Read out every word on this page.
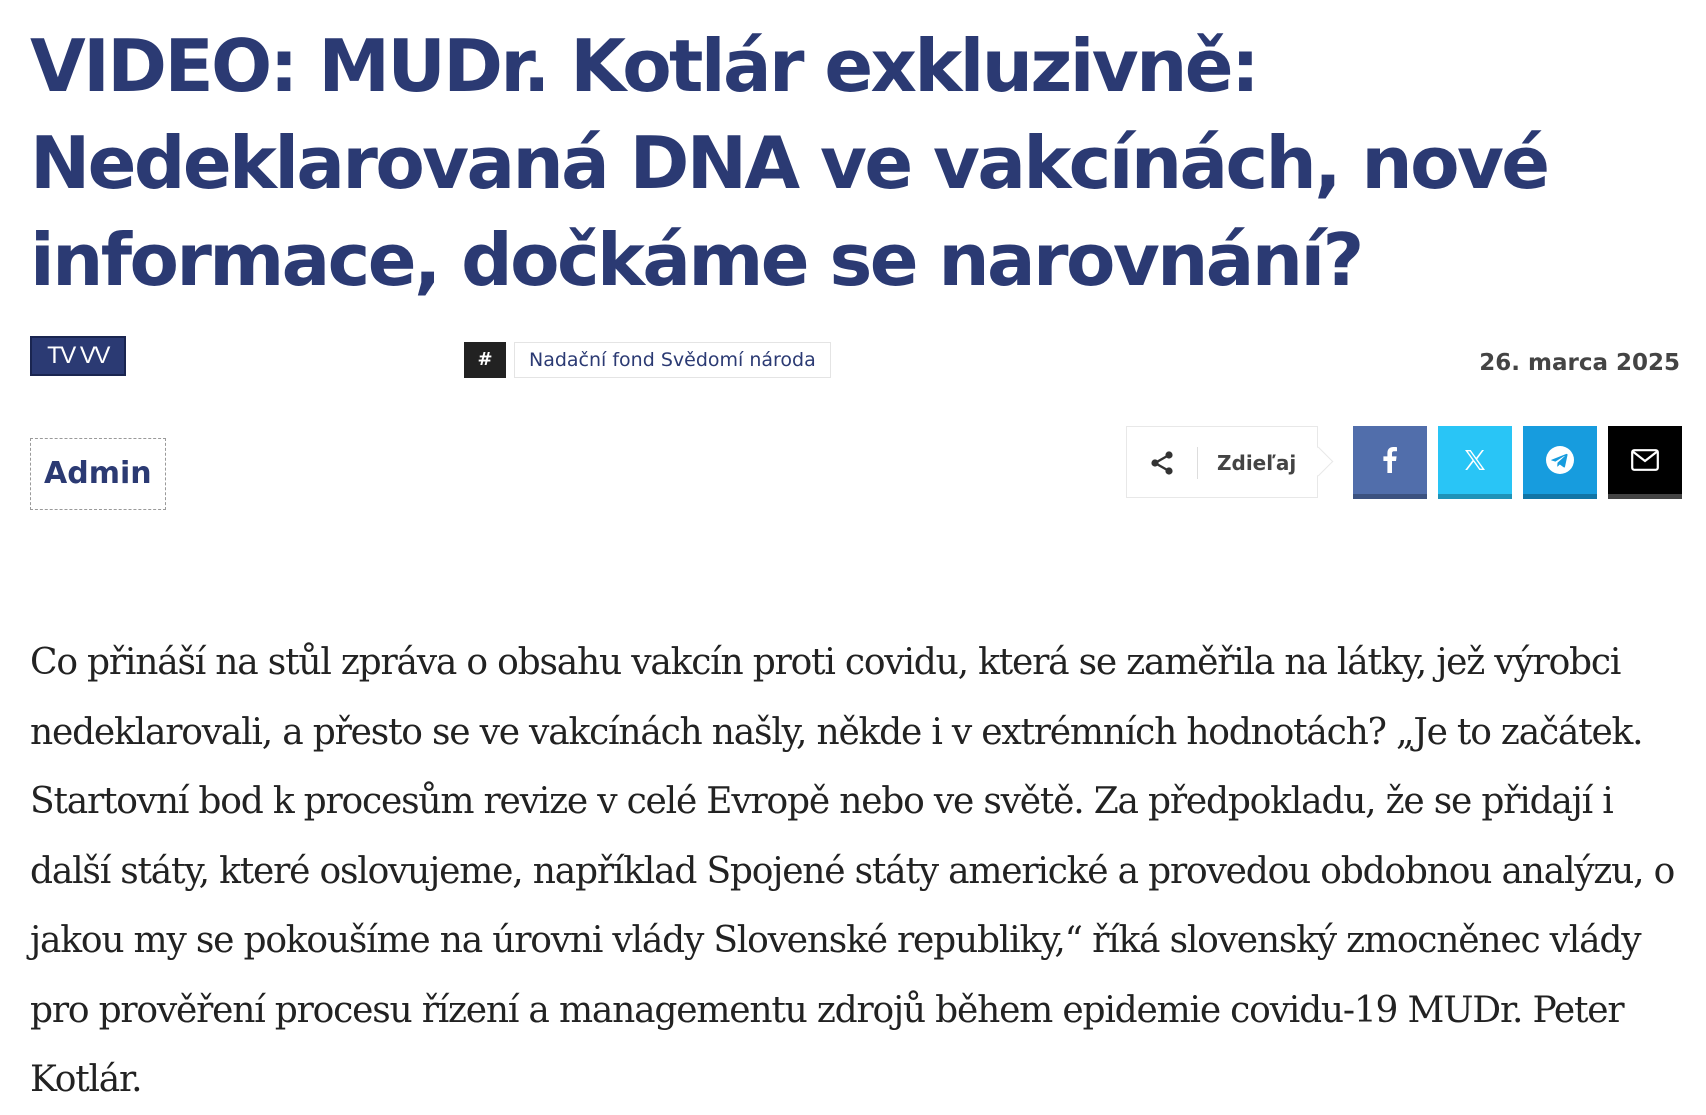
VIDEO: MUDr. Kotlár exkluzivně: Nedeklarovaná DNA ve vakcínách, nové informace, dočkáme se narovnání?
TV VV	#	Nadační fond Svědomí národa	26. marca 2025
Admin	Zdieľaj

Co přináší na stůl zpráva o obsahu vakcín proti covidu, která se zaměřila na látky, jež výrobci nedeklarovali, a přesto se ve vakcínách našly, někde i v extrémních hodnotách? „Je to začátek. Startovní bod k procesům revize v celé Evropě nebo ve světě. Za předpokladu, že se přidají i další státy, které oslovujeme, například Spojené státy americké a provedou obdobnou analýzu, o jakou my se pokoušíme na úrovni vlády Slovenské republiky,“ říká slovenský zmocněnec vlády pro prověření procesu řízení a managementu zdrojů během epidemie covidu-19 MUDr. Peter Kotlár.
